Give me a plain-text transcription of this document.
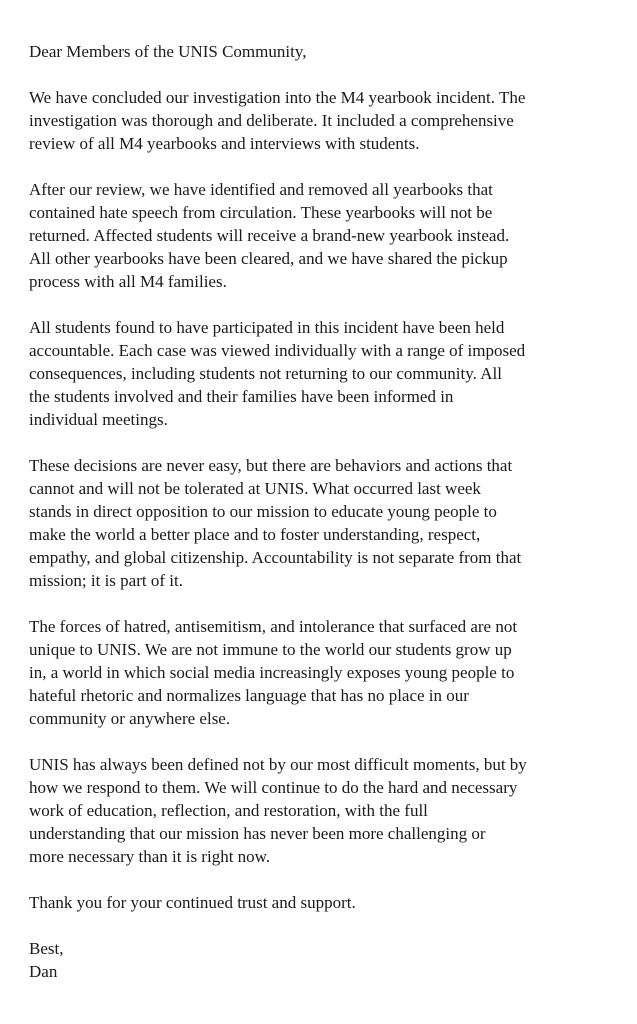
Dear Members of the UNIS Community,
We have concluded our investigation into the M4 yearbook incident. The
investigation was thorough and deliberate. It included a comprehensive
review of all M4 yearbooks and interviews with students.
After our review, we have identified and removed all yearbooks that
contained hate speech from circulation. These yearbooks will not be
returned. Affected students will receive a brand-new yearbook instead.
All other yearbooks have been cleared, and we have shared the pickup
process with all M4 families.
All students found to have participated in this incident have been held
accountable. Each case was viewed individually with a range of imposed
consequences, including students not returning to our community. All
the students involved and their families have been informed in
individual meetings.
These decisions are never easy, but there are behaviors and actions that
cannot and will not be tolerated at UNIS. What occurred last week
stands in direct opposition to our mission to educate young people to
make the world a better place and to foster understanding, respect,
empathy, and global citizenship. Accountability is not separate from that
mission; it is part of it.
The forces of hatred, antisemitism, and intolerance that surfaced are not
unique to UNIS. We are not immune to the world our students grow up
in, a world in which social media increasingly exposes young people to
hateful rhetoric and normalizes language that has no place in our
community or anywhere else.
UNIS has always been defined not by our most difficult moments, but by
how we respond to them. We will continue to do the hard and necessary
work of education, reflection, and restoration, with the full
understanding that our mission has never been more challenging or
more necessary than it is right now.
Thank you for your continued trust and support.
Best,
Dan
